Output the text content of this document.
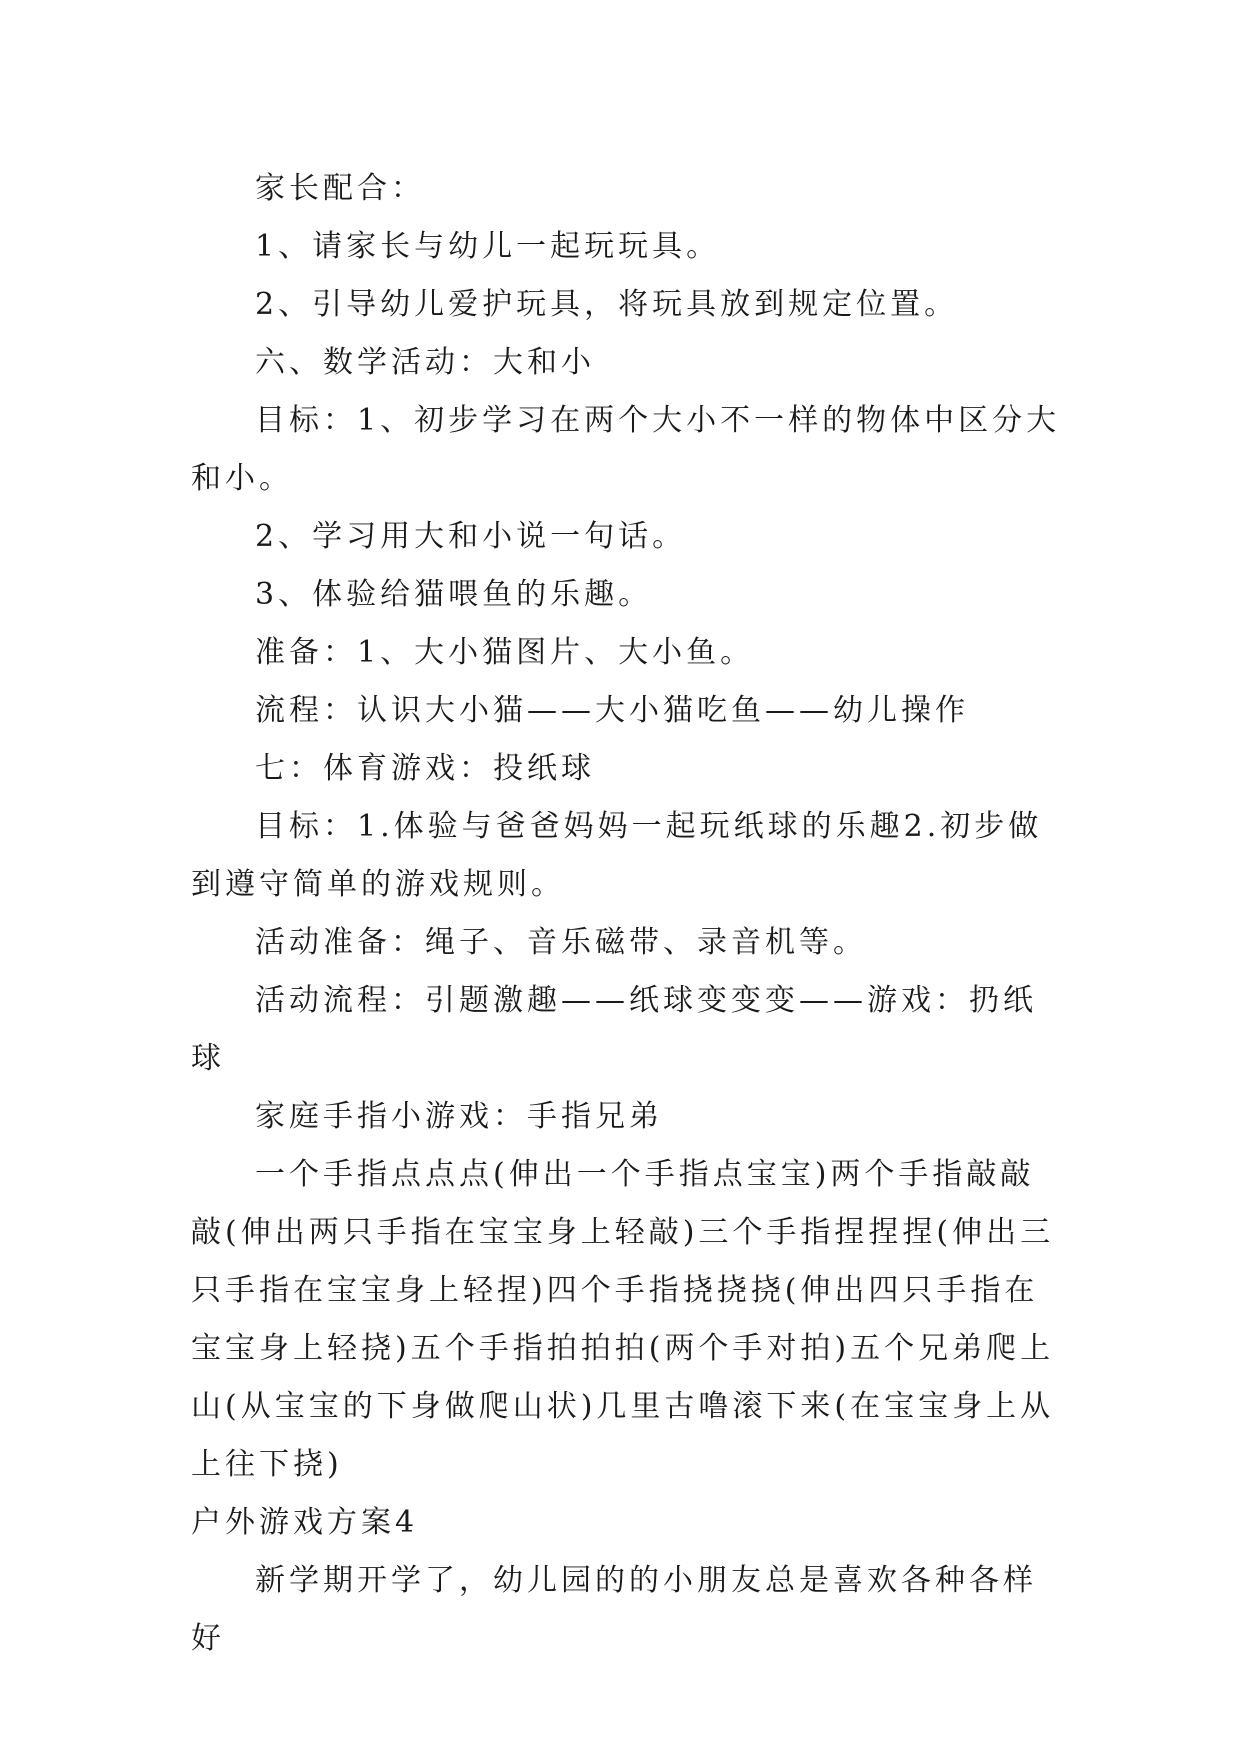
家长配合：

1、请家长与幼儿一起玩玩具。

2、引导幼儿爱护玩具，将玩具放到规定位置。

六、数学活动：大和小

目标：1、初步学习在两个大小不一样的物体中区分大和小。

2、学习用大和小说一句话。

3、体验给猫喂鱼的乐趣。

准备：1、大小猫图片、大小鱼。

流程：认识大小猫——大小猫吃鱼——幼儿操作

七：体育游戏：投纸球

目标：1.体验与爸爸妈妈一起玩纸球的乐趣2.初步做到遵守简单的游戏规则。

活动准备：绳子、音乐磁带、录音机等。

活动流程：引题激趣——纸球变变变——游戏：扔纸球

家庭手指小游戏：手指兄弟

一个手指点点点(伸出一个手指点宝宝)两个手指敲敲敲(伸出两只手指在宝宝身上轻敲)三个手指捏捏捏(伸出三只手指在宝宝身上轻捏)四个手指挠挠挠(伸出四只手指在宝宝身上轻挠)五个手指拍拍拍(两个手对拍)五个兄弟爬上山(从宝宝的下身做爬山状)几里古噜滚下来(在宝宝身上从上往下挠)

户外游戏方案4

新学期开学了，幼儿园的的小朋友总是喜欢各种各样好
